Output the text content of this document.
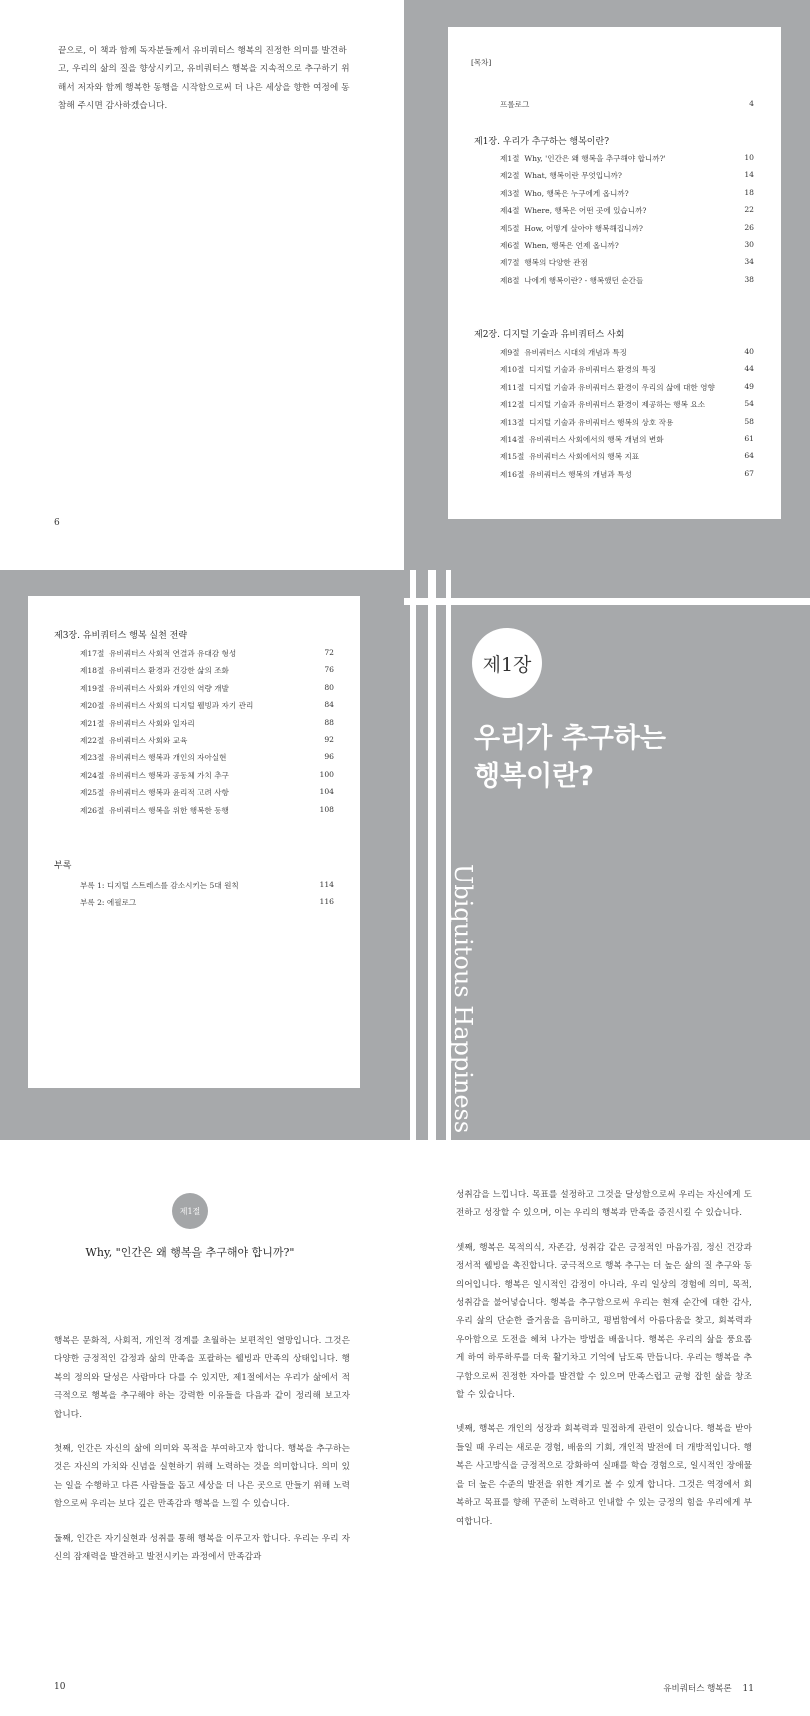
끝으로, 이 책과 함께 독자분들께서 유비쿼터스 행복의 진정한 의미를 발견하고, 우리의 삶의 질을 향상시키고, 유비쿼터스 행복을 지속적으로 추구하기 위해서 저자와 함께 행복한 동행을 시작함으로써 더 나은 세상을 향한 여정에 동참해 주시면 감사하겠습니다.
6
[목차]
프롤로그	4
제1장. 우리가 추구하는 행복이란?
제1절 Why, '인간은 왜 행복을 추구해야 합니까?'	10
제2절 What, 행복이란 무엇입니까?	14
제3절 Who, 행복은 누구에게 옵니까?	18
제4절 Where, 행복은 어떤 곳에 있습니까?	22
제5절 How, 어떻게 살아야 행복해집니까?	26
제6절 When, 행복은 언제 옵니까?	30
제7절 행복의 다양한 관점	34
제8절 나에게 행복이란? - 행복했던 순간들	38
제2장. 디지털 기술과 유비쿼터스 사회
제9절 유비쿼터스 시대의 개념과 특징	40
제10절 디지털 기술과 유비쿼터스 환경의 특징	44
제11절 디지털 기술과 유비쿼터스 환경이 우리의 삶에 대한 영향	49
제12절 디지털 기술과 유비쿼터스 환경이 제공하는 행복 요소	54
제13절 디지털 기술과 유비쿼터스 행복의 상호 작용	58
제14절 유비쿼터스 사회에서의 행복 개념의 변화	61
제15절 유비쿼터스 사회에서의 행복 지표	64
제16절 유비쿼터스 행복의 개념과 특성	67
제3장. 유비쿼터스 행복 실천 전략
제17절 유비쿼터스 사회적 연결과 유대감 형성	72
제18절 유비쿼터스 환경과 건강한 삶의 조화	76
제19절 유비쿼터스 사회와 개인의 역량 개발	80
제20절 유비쿼터스 사회의 디지털 웰빙과 자기 관리	84
제21절 유비쿼터스 사회와 일자리	88
제22절 유비쿼터스 사회와 교육	92
제23절 유비쿼터스 행복과 개인의 자아실현	96
제24절 유비쿼터스 행복과 공동체 가치 추구	100
제25절 유비쿼터스 행복과 윤리적 고려 사항	104
제26절 유비쿼터스 행복을 위한 행복한 동행	108
부록
부록 1: 디지털 스트레스를 감소시키는 5대 원칙	114
부록 2: 에필로그	116
제1장
우리가 추구하는
행복이란?
Ubiquitous Happiness
제1절
Why, "인간은 왜 행복을 추구해야 합니까?"

행복은 문화적, 사회적, 개인적 경계를 초월하는 보편적인 열망입니다. 그것은 다양한 긍정적인 감정과 삶의 만족을 포괄하는 웰빙과 만족의 상태입니다. 행복의 정의와 달성은 사람마다 다를 수 있지만, 제1절에서는 우리가 삶에서 적극적으로 행복을 추구해야 하는 강력한 이유들을 다음과 같이 정리해 보고자 합니다.

첫째, 인간은 자신의 삶에 의미와 목적을 부여하고자 합니다. 행복을 추구하는 것은 자신의 가치와 신념을 실현하기 위해 노력하는 것을 의미합니다. 의미 있는 일을 수행하고 다른 사람들을 돕고 세상을 더 나은 곳으로 만들기 위해 노력함으로써 우리는 보다 깊은 만족감과 행복을 느낄 수 있습니다.

둘째, 인간은 자기실현과 성취를 통해 행복을 이루고자 합니다. 우리는 우리 자신의 잠재력을 발견하고 발전시키는 과정에서 만족감과

10

성취감을 느낍니다. 목표를 설정하고 그것을 달성함으로써 우리는 자신에게 도전하고 성장할 수 있으며, 이는 우리의 행복과 만족을 증진시킬 수 있습니다.

셋째, 행복은 목적의식, 자존감, 성취감 같은 긍정적인 마음가짐, 정신 건강과 정서적 웰빙을 촉진합니다. 궁극적으로 행복 추구는 더 높은 삶의 질 추구와 동의어입니다. 행복은 일시적인 감정이 아니라, 우리 일상의 경험에 의미, 목적, 성취감을 불어넣습니다. 행복을 추구함으로써 우리는 현재 순간에 대한 감사, 우리 삶의 단순한 즐거움을 음미하고, 평범함에서 아름다움을 찾고, 회복력과 우아함으로 도전을 헤쳐 나가는 방법을 배웁니다. 행복은 우리의 삶을 풍요롭게 하여 하루하루를 더욱 활기차고 기억에 남도록 만듭니다. 우리는 행복을 추구함으로써 진정한 자아를 발견할 수 있으며 만족스럽고 균형 잡힌 삶을 창조할 수 있습니다.

넷째, 행복은 개인의 성장과 회복력과 밀접하게 관련이 있습니다. 행복을 받아들일 때 우리는 새로운 경험, 배움의 기회, 개인적 발전에 더 개방적입니다. 행복은 사고방식을 긍정적으로 강화하여 실패를 학습 경험으로, 일시적인 장애물을 더 높은 수준의 발전을 위한 계기로 볼 수 있게 합니다. 그것은 역경에서 회복하고 목표를 향해 꾸준히 노력하고 인내할 수 있는 긍정의 힘을 우리에게 부여합니다.

유비쿼터스 행복론 11
